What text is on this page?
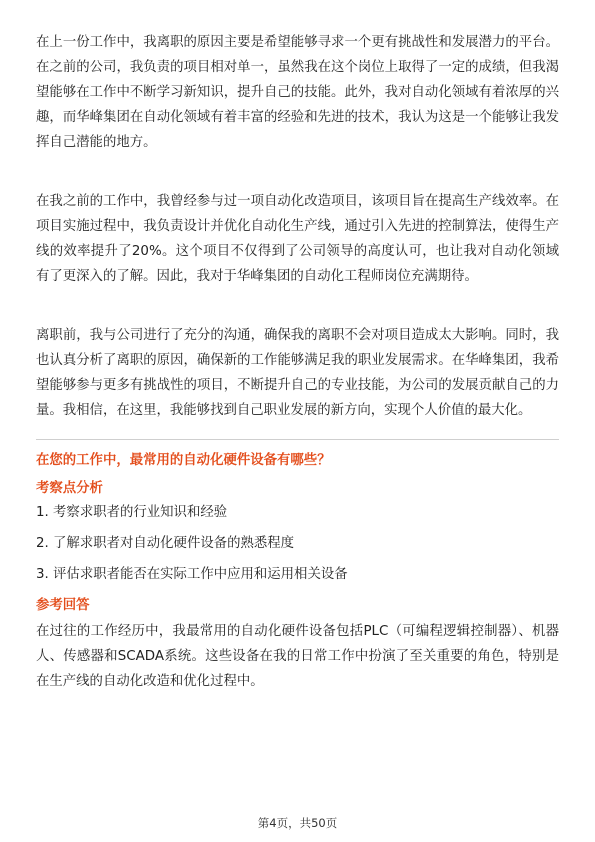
在上一份工作中，我离职的原因主要是希望能够寻求一个更有挑战性和发展潜力的平台。在之前的公司，我负责的项目相对单一，虽然我在这个岗位上取得了一定的成绩，但我渴望能够在工作中不断学习新知识，提升自己的技能。此外，我对自动化领域有着浓厚的兴趣，而华峰集团在自动化领域有着丰富的经验和先进的技术，我认为这是一个能够让我发挥自己潜能的地方。

在我之前的工作中，我曾经参与过一项自动化改造项目，该项目旨在提高生产线效率。在项目实施过程中，我负责设计并优化自动化生产线，通过引入先进的控制算法，使得生产线的效率提升了20%。这个项目不仅得到了公司领导的高度认可，也让我对自动化领域有了更深入的了解。因此，我对于华峰集团的自动化工程师岗位充满期待。

离职前，我与公司进行了充分的沟通，确保我的离职不会对项目造成太大影响。同时，我也认真分析了离职的原因，确保新的工作能够满足我的职业发展需求。在华峰集团，我希望能够参与更多有挑战性的项目，不断提升自己的专业技能，为公司的发展贡献自己的力量。我相信，在这里，我能够找到自己职业发展的新方向，实现个人价值的最大化。

在您的工作中，最常用的自动化硬件设备有哪些？

考察点分析

1. 考察求职者的行业知识和经验

2. 了解求职者对自动化硬件设备的熟悉程度

3. 评估求职者能否在实际工作中应用和运用相关设备

参考回答

在过往的工作经历中，我最常用的自动化硬件设备包括PLC（可编程逻辑控制器）、机器人、传感器和SCADA系统。这些设备在我的日常工作中扮演了至关重要的角色，特别是在生产线的自动化改造和优化过程中。

第4页，共50页
